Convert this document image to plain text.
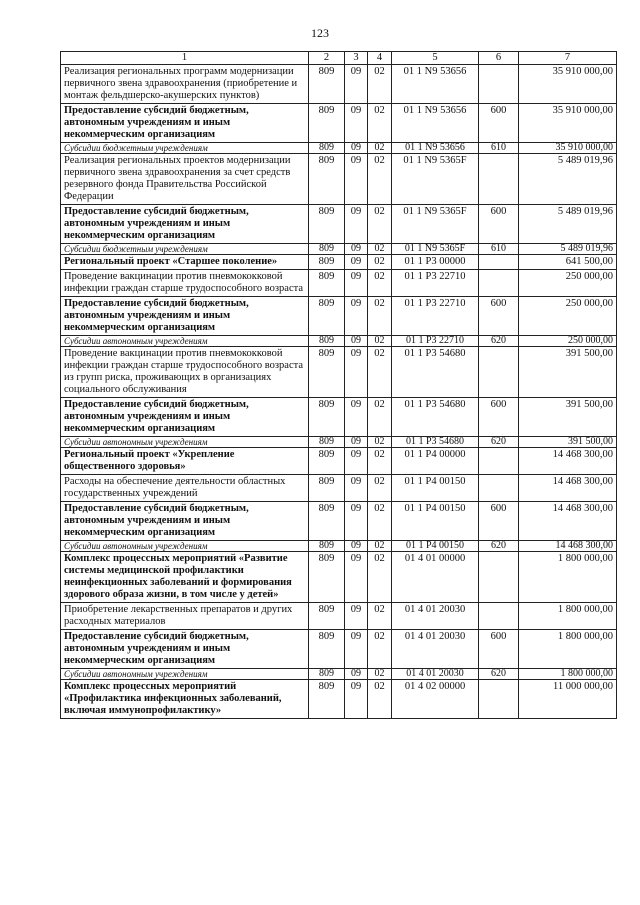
123
1	2	3	4	5	6	7
Реализация региональных программ модернизации первичного звена здравоохранения (приобретение и монтаж фельдшерско-акушерских пунктов)	809	09	02	01 1 N9 53656		35 910 000,00
Предоставление субсидий бюджетным, автономным учреждениям и иным некоммерческим организациям	809	09	02	01 1 N9 53656	600	35 910 000,00
Субсидии бюджетным учреждениям	809	09	02	01 1 N9 53656	610	35 910 000,00
Реализация региональных проектов модернизации первичного звена здравоохранения за счет средств резервного фонда Правительства Российской Федерации	809	09	02	01 1 N9 5365F		5 489 019,96
Предоставление субсидий бюджетным, автономным учреждениям и иным некоммерческим организациям	809	09	02	01 1 N9 5365F	600	5 489 019,96
Субсидии бюджетным учреждениям	809	09	02	01 1 N9 5365F	610	5 489 019,96
Региональный проект «Старшее поколение»	809	09	02	01 1 P3 00000		641 500,00
Проведение вакцинации против пневмококковой инфекции граждан старше трудоспособного возраста	809	09	02	01 1 P3 22710		250 000,00
Предоставление субсидий бюджетным, автономным учреждениям и иным некоммерческим организациям	809	09	02	01 1 P3 22710	600	250 000,00
Субсидии автономным учреждениям	809	09	02	01 1 P3 22710	620	250 000,00
Проведение вакцинации против пневмококковой инфекции граждан старше трудоспособного возраста из групп риска, проживающих в организациях социального обслуживания	809	09	02	01 1 P3 54680		391 500,00
Предоставление субсидий бюджетным, автономным учреждениям и иным некоммерческим организациям	809	09	02	01 1 P3 54680	600	391 500,00
Субсидии автономным учреждениям	809	09	02	01 1 P3 54680	620	391 500,00
Региональный проект «Укрепление общественного здоровья»	809	09	02	01 1 P4 00000		14 468 300,00
Расходы на обеспечение деятельности областных государственных учреждений	809	09	02	01 1 P4 00150		14 468 300,00
Предоставление субсидий бюджетным, автономным учреждениям и иным некоммерческим организациям	809	09	02	01 1 P4 00150	600	14 468 300,00
Субсидии автономным учреждениям	809	09	02	01 1 P4 00150	620	14 468 300,00
Комплекс процессных мероприятий «Развитие системы медицинской профилактики неинфекционных заболеваний и формирования здорового образа жизни, в том числе у детей»	809	09	02	01 4 01 00000		1 800 000,00
Приобретение лекарственных препаратов и других расходных материалов	809	09	02	01 4 01 20030		1 800 000,00
Предоставление субсидий бюджетным, автономным учреждениям и иным некоммерческим организациям	809	09	02	01 4 01 20030	600	1 800 000,00
Субсидии автономным учреждениям	809	09	02	01 4 01 20030	620	1 800 000,00
Комплекс процессных мероприятий «Профилактика инфекционных заболеваний, включая иммунопрофилактику»	809	09	02	01 4 02 00000		11 000 000,00
